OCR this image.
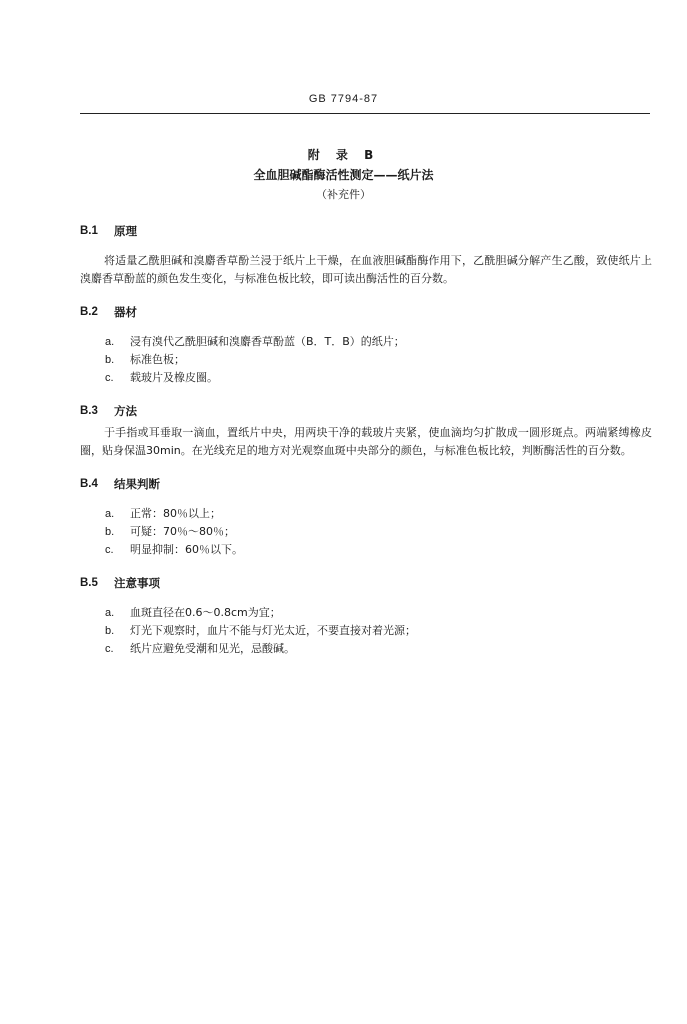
GB 7794-87
附 录 B
全血胆碱酯酶活性测定——纸片法
（补充件）
B.1	原理

将适量乙酰胆碱和溴麝香草酚兰浸于纸片上干燥，在血液胆碱酯酶作用下，乙酰胆碱分解产生乙酸，致使纸片上溴麝香草酚蓝的颜色发生变化，与标准色板比较，即可读出酶活性的百分数。

B.2	器材
a.	浸有溴代乙酰胆碱和溴麝香草酚蓝（B．T．B）的纸片；
b.	标准色板；
c.	载玻片及橡皮圈。
B.3	方法

于手指或耳垂取一滴血，置纸片中央，用两块干净的载玻片夹紧，使血滴均匀扩散成一圆形斑点。两端紧缚橡皮圈，贴身保温30min。在光线充足的地方对光观察血斑中央部分的颜色，与标准色板比较，判断酶活性的百分数。

B.4	结果判断
a.	正常：80％以上；
b.	可疑：70％～80％；
c.	明显抑制：60％以下。
B.5	注意事项
a.	血斑直径在0.6～0.8cm为宜；
b.	灯光下观察时，血片不能与灯光太近，不要直接对着光源；
c.	纸片应避免受潮和见光，忌酸碱。
